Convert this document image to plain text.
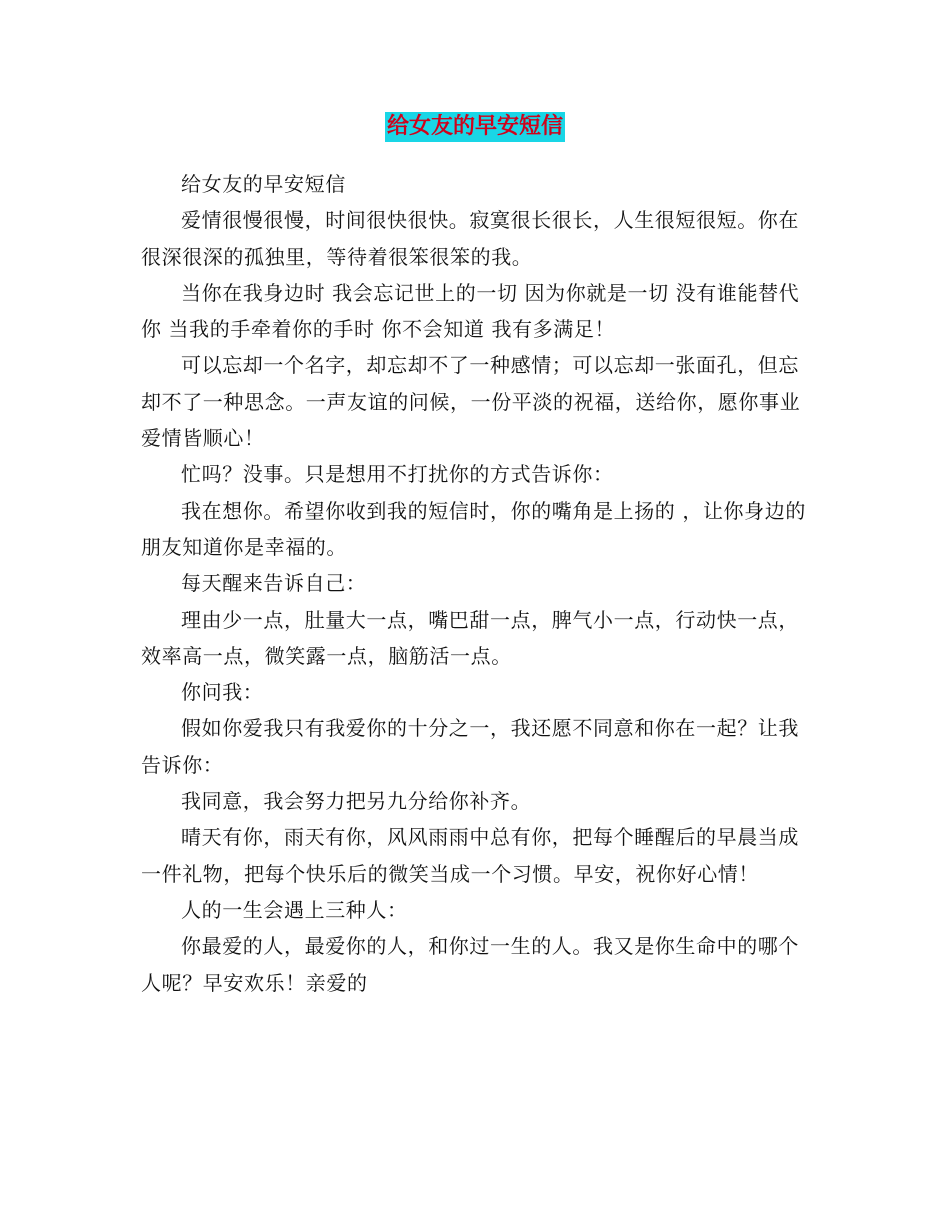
给女友的早安短信

给女友的早安短信

爱情很慢很慢，时间很快很快。寂寞很长很长，人生很短很短。你在很深很深的孤独里，等待着很笨很笨的我。

当你在我身边时 我会忘记世上的一切 因为你就是一切 没有谁能替代你 当我的手牵着你的手时 你不会知道 我有多满足！

可以忘却一个名字，却忘却不了一种感情；可以忘却一张面孔，但忘却不了一种思念。一声友谊的问候，一份平淡的祝福，送给你，愿你事业爱情皆顺心！

忙吗？没事。只是想用不打扰你的方式告诉你：

我在想你。希望你收到我的短信时，你的嘴角是上扬的 ，让你身边的朋友知道你是幸福的。

每天醒来告诉自己：

理由少一点，肚量大一点，嘴巴甜一点，脾气小一点，行动快一点，效率高一点，微笑露一点，脑筋活一点。

你问我：

假如你爱我只有我爱你的十分之一，我还愿不同意和你在一起？让我告诉你：

我同意，我会努力把另九分给你补齐。

晴天有你，雨天有你，风风雨雨中总有你，把每个睡醒后的早晨当成一件礼物，把每个快乐后的微笑当成一个习惯。早安，祝你好心情！

人的一生会遇上三种人：

你最爱的人，最爱你的人，和你过一生的人。我又是你生命中的哪个人呢？早安欢乐！亲爱的
